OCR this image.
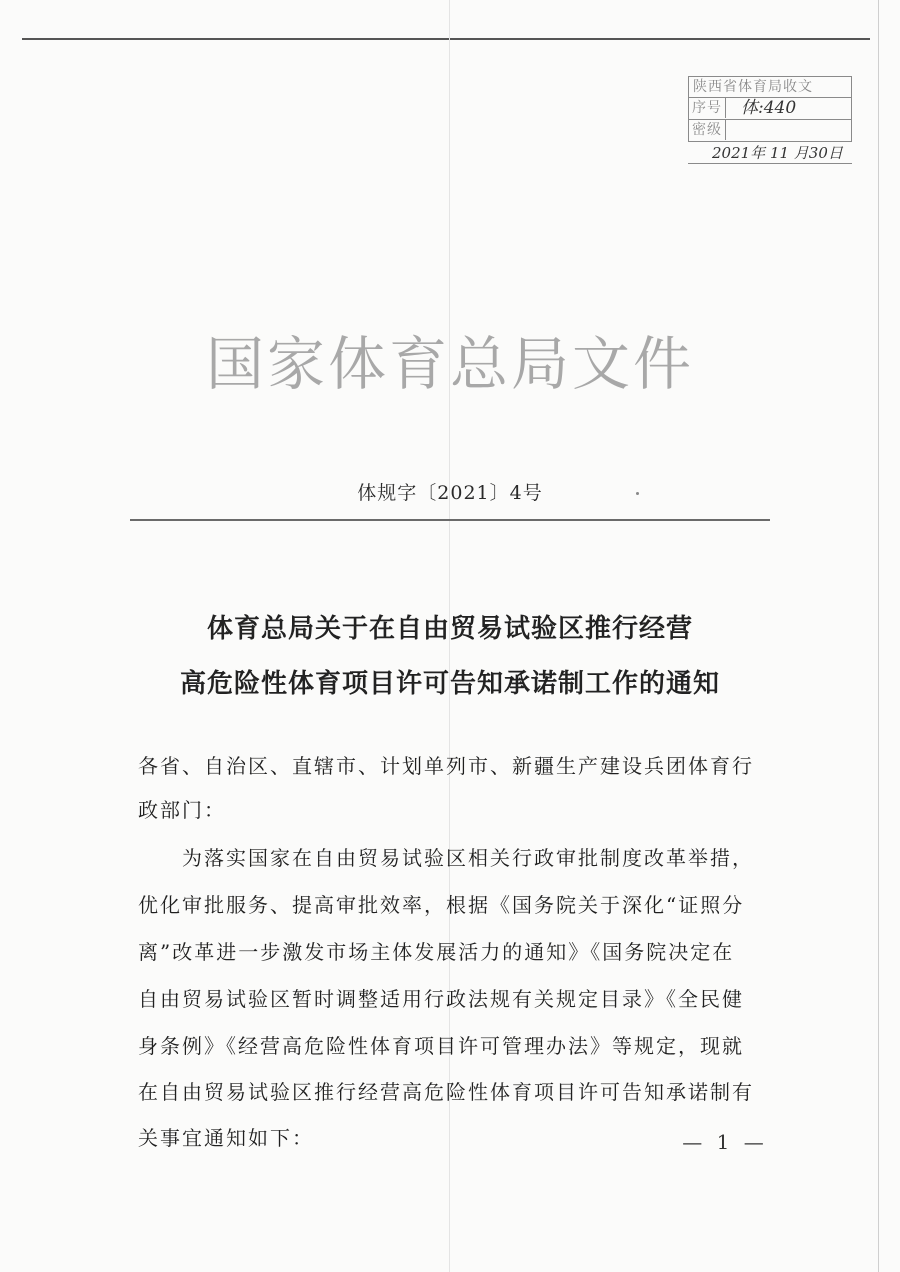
陕西省体育局收文
序号 体:440
密级
2021年 11 月30日
国家体育总局文件
体规字〔2021〕4号
体育总局关于在自由贸易试验区推行经营
高危险性体育项目许可告知承诺制工作的通知
各省、自治区、直辖市、计划单列市、新疆生产建设兵团体育行
政部门：
　　为落实国家在自由贸易试验区相关行政审批制度改革举措，
优化审批服务、提高审批效率，根据《国务院关于深化“证照分
离”改革进一步激发市场主体发展活力的通知》《国务院决定在
自由贸易试验区暂时调整适用行政法规有关规定目录》《全民健
身条例》《经营高危险性体育项目许可管理办法》等规定，现就
在自由贸易试验区推行经营高危险性体育项目许可告知承诺制有
关事宜通知如下：	— 1 —
